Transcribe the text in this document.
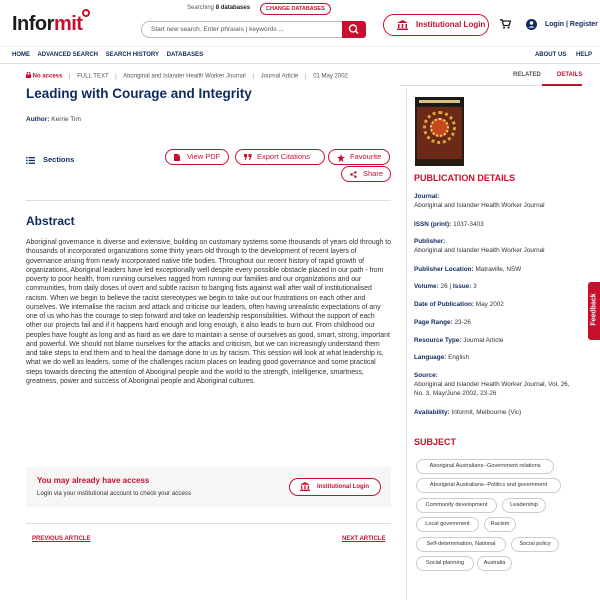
Informit
Searching 8 databases	CHANGE DATABASES
Start new search. Enter phrases | keywords ...
Institutional Login	Login | Register
HOME ADVANCED SEARCH SEARCH HISTORY DATABASES	ABOUT US HELP
No access | FULL TEXT | Aboriginal and Islander Health Worker Journal | Journal Article | 01 May 2002	RELATED	DETAILS
Leading with Courage and Integrity
Author: Kerrie Tim
Sections	View PDF	Export Citations	Favourite
Share
Abstract
Aboriginal governance is diverse and extensive, building on customary systems some thousands of years old through to thousands of incorporated organizations some thirty years old through to the development of recent layers of governance arising from newly incorporated native title bodies. Throughout our recent history of rapid growth of organizations, Aboriginal leaders have led exceptionally well despite every possible obstacle placed in our path - from poverty to poor health, from running ourselves ragged from running our families and our organizations and our communities, from daily doses of overt and subtle racism to banging fists against wall after wall of institutionalised racism. When we begin to believe the racist stereotypes we begin to take out our frustrations on each other and ourselves. We internalise the racism and attack and criticise our leaders, often having unrealistic expectations of any one of us who has the courage to step forward and take on leadership responsibilities. Without the support of each other our projects fail and if it happens hard enough and long enough, it also leads to burn out. From childhood our peoples have fought as long and as hard as we dare to maintain a sense of ourselves as good, smart, strong, important and powerful. We should not blame ourselves for the attacks and criticism, but we can increasingly understand them and take steps to end them and to heal the damage done to us by racism. This session will look at what leadership is, what we do well as leaders, some of the challenges racism places on leading good governance and some practical steps towards directing the attention of Aboriginal people and the world to the strength, intelligence, smartness, greatness, power and success of Aboriginal people and Aboriginal cultures.
You may already have access
Login via your institutional account to check your access
Institutional Login
PREVIOUS ARTICLE	NEXT ARTICLE
PUBLICATION DETAILS
Journal:
Aboriginal and Islander Health Worker Journal
ISSN (print): 1037-3403
Publisher:
Aboriginal and Islander Health Worker Journal
Publisher Location: Matraville, NSW
Volume: 26 | Issue: 3
Date of Publication: May 2002
Page Range: 23-26
Resource Type: Journal Article
Language: English
Source:
Aboriginal and Islander Health Worker Journal, Vol. 26, No. 3, May/June 2002, 23-26
Availability: Informit, Melbourne (Vic)
SUBJECT
Aboriginal Australians--Government relations
Aboriginal Australians--Politics and government
Community development	Leadership
Local government	Racism
Self-determination, National	Social policy
Social planning	Australia
Feedback
